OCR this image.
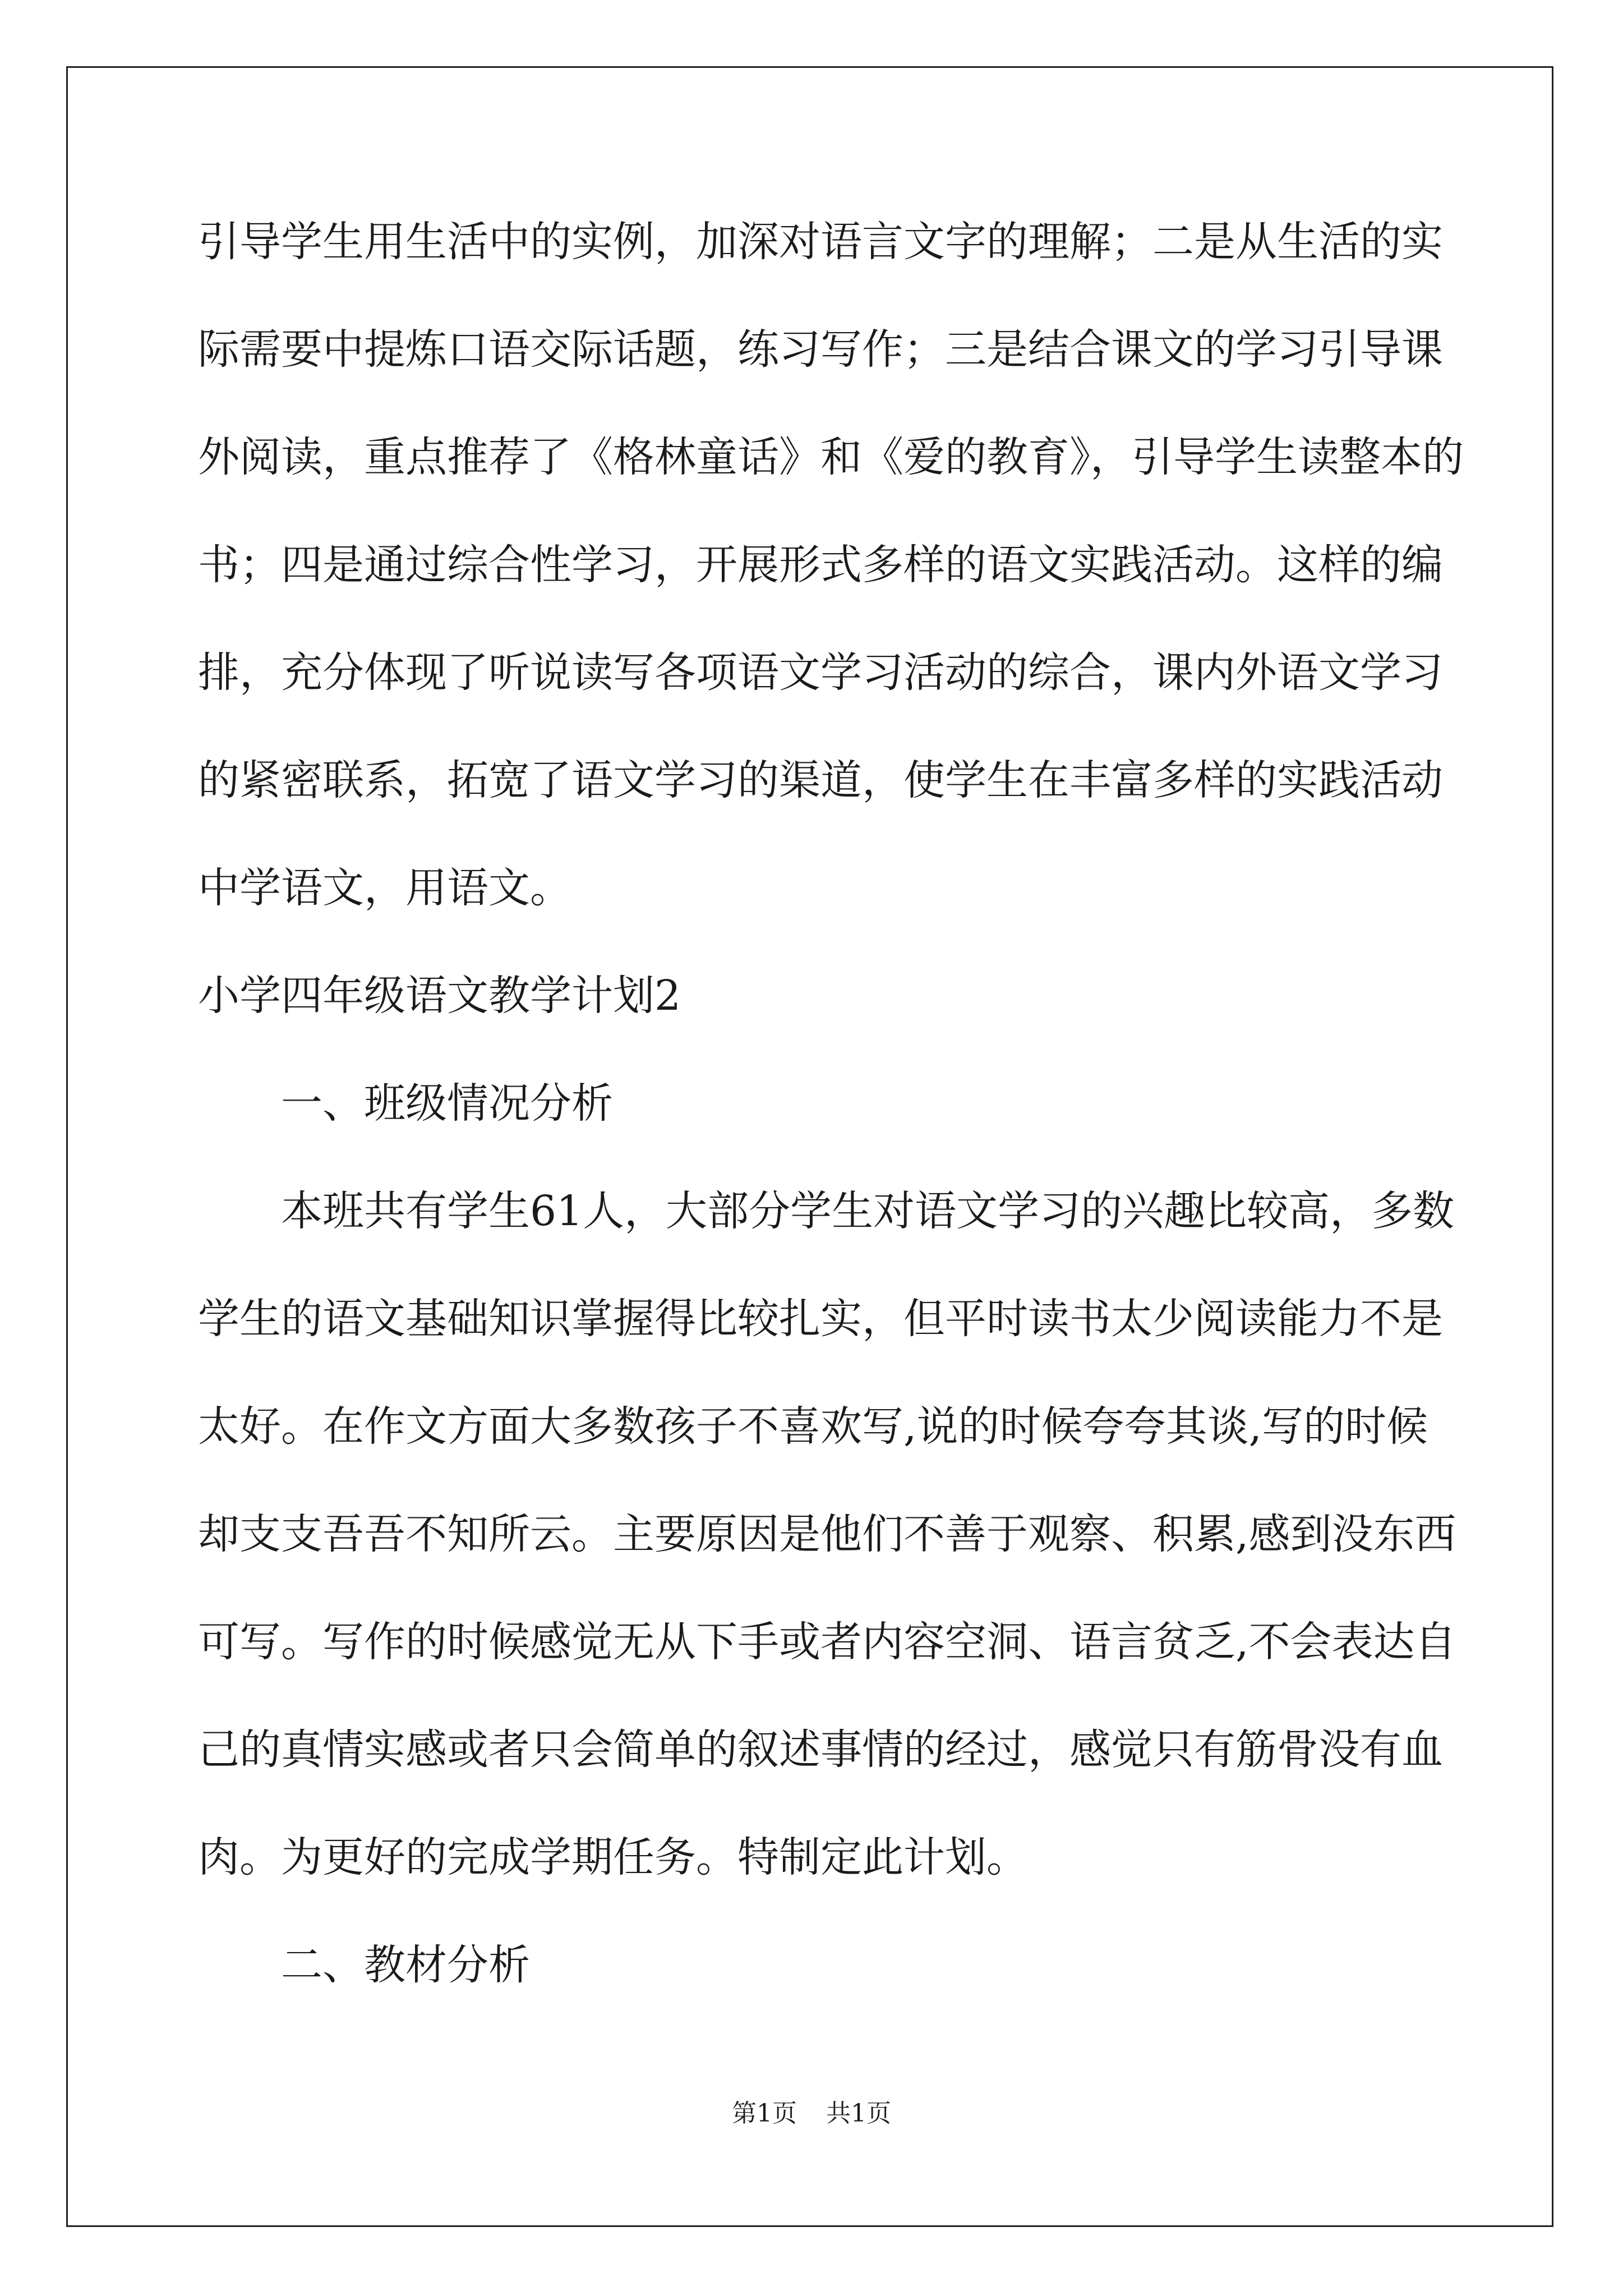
引导学生用生活中的实例，加深对语言文字的理解；二是从生活的实
际需要中提炼口语交际话题，练习写作；三是结合课文的学习引导课
外阅读，重点推荐了《格林童话》和《爱的教育》，引导学生读整本的
书；四是通过综合性学习，开展形式多样的语文实践活动。这样的编
排，充分体现了听说读写各项语文学习活动的综合，课内外语文学习
的紧密联系，拓宽了语文学习的渠道，使学生在丰富多样的实践活动
中学语文，用语文。
小学四年级语文教学计划2
一、班级情况分析
本班共有学生61人，大部分学生对语文学习的兴趣比较高，多数
学生的语文基础知识掌握得比较扎实，但平时读书太少阅读能力不是
太好。在作文方面大多数孩子不喜欢写,说的时候夸夸其谈,写的时候
却支支吾吾不知所云。主要原因是他们不善于观察、积累,感到没东西
可写。写作的时候感觉无从下手或者内容空洞、语言贫乏,不会表达自
己的真情实感或者只会简单的叙述事情的经过，感觉只有筋骨没有血
肉。为更好的完成学期任务。特制定此计划。
二、教材分析
第1页 共1页
